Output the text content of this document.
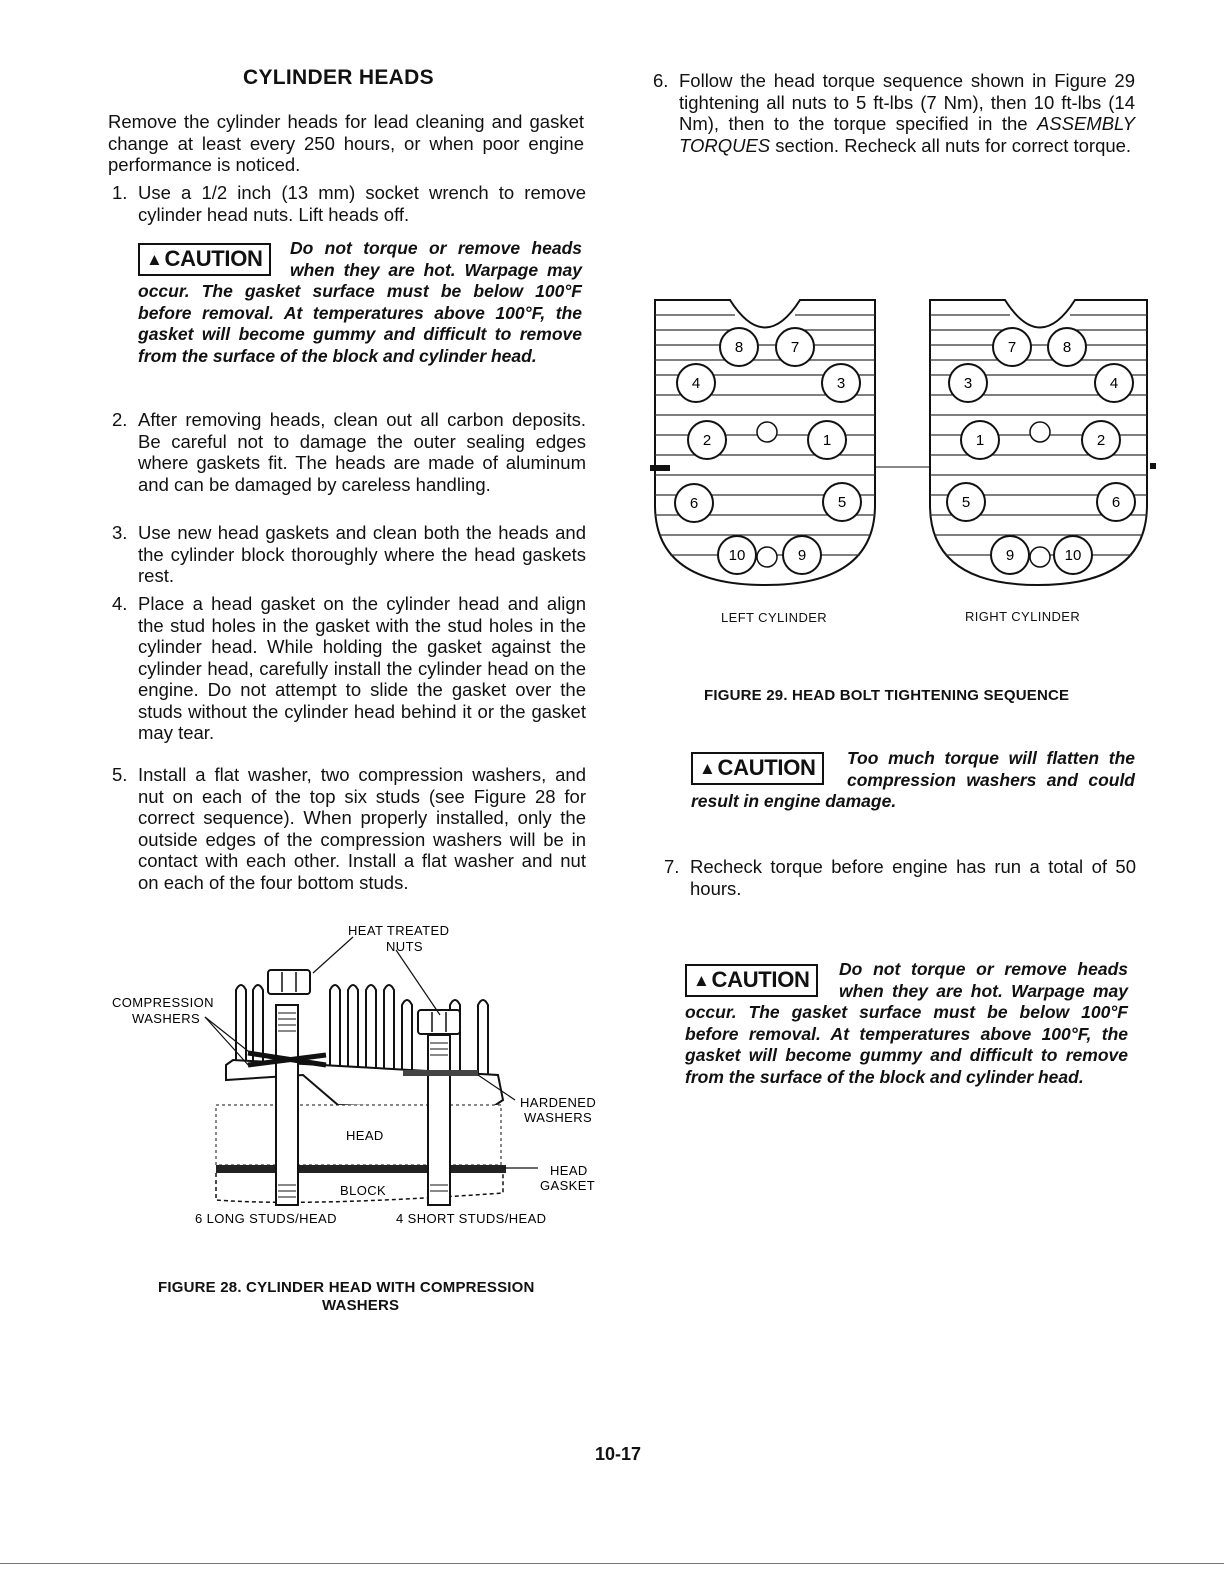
CYLINDER HEADS

Remove the cylinder heads for lead cleaning and gasket change at least every 250 hours, or when poor engine performance is noticed.

1. Use a 1/2 inch (13 mm) socket wrench to remove cylinder head nuts. Lift heads off.

▲CAUTION	Do not torque or remove heads when they are hot. Warpage may occur. The gasket surface must be below 100°F before removal. At temperatures above 100°F, the gasket will become gummy and difficult to remove from the surface of the block and cylinder head.
2. After removing heads, clean out all carbon deposits. Be careful not to damage the outer sealing edges where gaskets fit. The heads are made of aluminum and can be damaged by careless handling.

3. Use new head gaskets and clean both the heads and the cylinder block thoroughly where the head gaskets rest.

4. Place a head gasket on the cylinder head and align the stud holes in the gasket with the stud holes in the cylinder head. While holding the gasket against the cylinder head, carefully install the cylinder head on the engine. Do not attempt to slide the gasket over the studs without the cylinder head behind it or the gasket may tear.

5. Install a flat washer, two compression washers, and nut on each of the top six studs (see Figure 28 for correct sequence). When properly installed, only the outside edges of the compression washers will be in contact with each other. Install a flat washer and nut on each of the four bottom studs.

HEAT TREATED
NUTS
COMPRESSION
WASHERS
HARDENED
WASHERS
HEAD
HEAD
GASKET
BLOCK
6 LONG STUDS/HEAD	4 SHORT STUDS/HEAD
FIGURE 28. CYLINDER HEAD WITH COMPRESSION
WASHERS
6. Follow the head torque sequence shown in Figure 29 tightening all nuts to 5 ft-lbs (7 Nm), then 10 ft-lbs (14 Nm), then to the torque specified in the ASSEMBLY TORQUES section. Recheck all nuts for correct torque.

8	7
4	3
2	1
6	5
10	9
7	8
3	4
1	2
5	6
9	10
LEFT CYLINDER	RIGHT CYLINDER
FIGURE 29. HEAD BOLT TIGHTENING SEQUENCE
▲CAUTION	Too much torque will flatten the compression washers and could result in engine damage.
7. Recheck torque before engine has run a total of 50 hours.

▲CAUTION	Do not torque or remove heads when they are hot. Warpage may occur. The gasket surface must be below 100°F before removal. At temperatures above 100°F, the gasket will become gummy and difficult to remove from the surface of the block and cylinder head.
10-17
